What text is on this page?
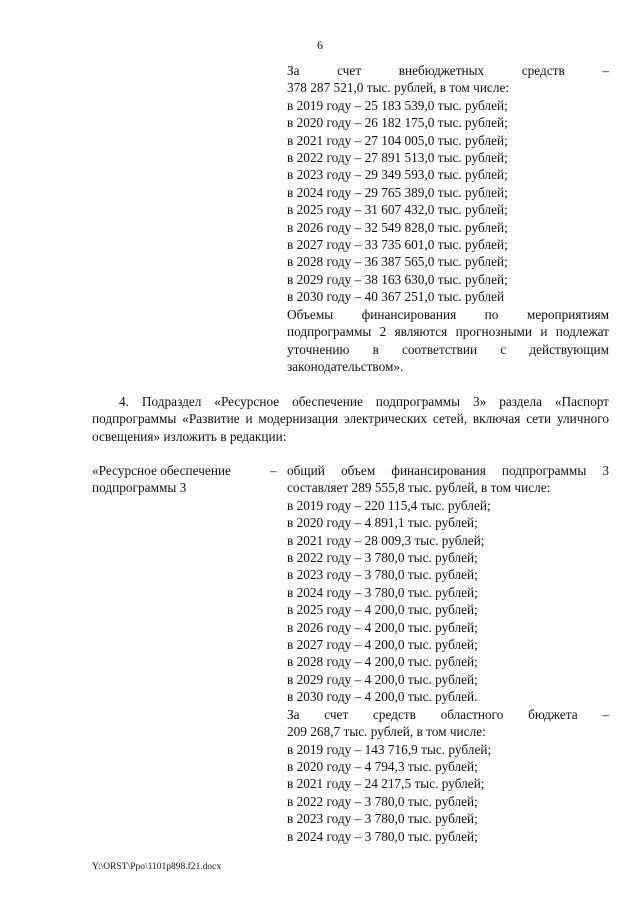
6
За счет внебюджетных средств –
378 287 521,0 тыс. рублей, в том числе:
в 2019 году – 25 183 539,0 тыс. рублей;
в 2020 году – 26 182 175,0 тыс. рублей;
в 2021 году – 27 104 005,0 тыс. рублей;
в 2022 году – 27 891 513,0 тыс. рублей;
в 2023 году – 29 349 593,0 тыс. рублей;
в 2024 году – 29 765 389,0 тыс. рублей;
в 2025 году – 31 607 432,0 тыс. рублей;
в 2026 году – 32 549 828,0 тыс. рублей;
в 2027 году – 33 735 601,0 тыс. рублей;
в 2028 году – 36 387 565,0 тыс. рублей;
в 2029 году – 38 163 630,0 тыс. рублей;
в 2030 году – 40 367 251,0 тыс. рублей
Объемы финансирования по мероприятиям подпрограммы 2 являются прогнозными и подлежат уточнению в соответствии с действующим законодательством».
4. Подраздел «Ресурсное обеспечение подпрограммы 3» раздела «Паспорт подпрограммы «Развитие и модернизация электрических сетей, включая сети уличного освещения» изложить в редакции:
«Ресурсное обеспечение подпрограммы 3
– общий объем финансирования подпрограммы 3
составляет 289 555,8 тыс. рублей, в том числе:
в 2019 году – 220 115,4 тыс. рублей;
в 2020 году – 4 891,1 тыс. рублей;
в 2021 году – 28 009,3 тыс. рублей;
в 2022 году – 3 780,0 тыс. рублей;
в 2023 году – 3 780,0 тыс. рублей;
в 2024 году – 3 780,0 тыс. рублей;
в 2025 году – 4 200,0 тыс. рублей;
в 2026 году – 4 200,0 тыс. рублей;
в 2027 году – 4 200,0 тыс. рублей;
в 2028 году – 4 200,0 тыс. рублей;
в 2029 году – 4 200,0 тыс. рублей;
в 2030 году – 4 200,0 тыс. рублей.
За счет средств областного бюджета –
209 268,7 тыс. рублей, в том числе:
в 2019 году – 143 716,9 тыс. рублей;
в 2020 году – 4 794,3 тыс. рублей;
в 2021 году – 24 217,5 тыс. рублей;
в 2022 году – 3 780,0 тыс. рублей;
в 2023 году – 3 780,0 тыс. рублей;
в 2024 году – 3 780,0 тыс. рублей;
Y:\ORST\Ppo\1101p898.f21.docx
